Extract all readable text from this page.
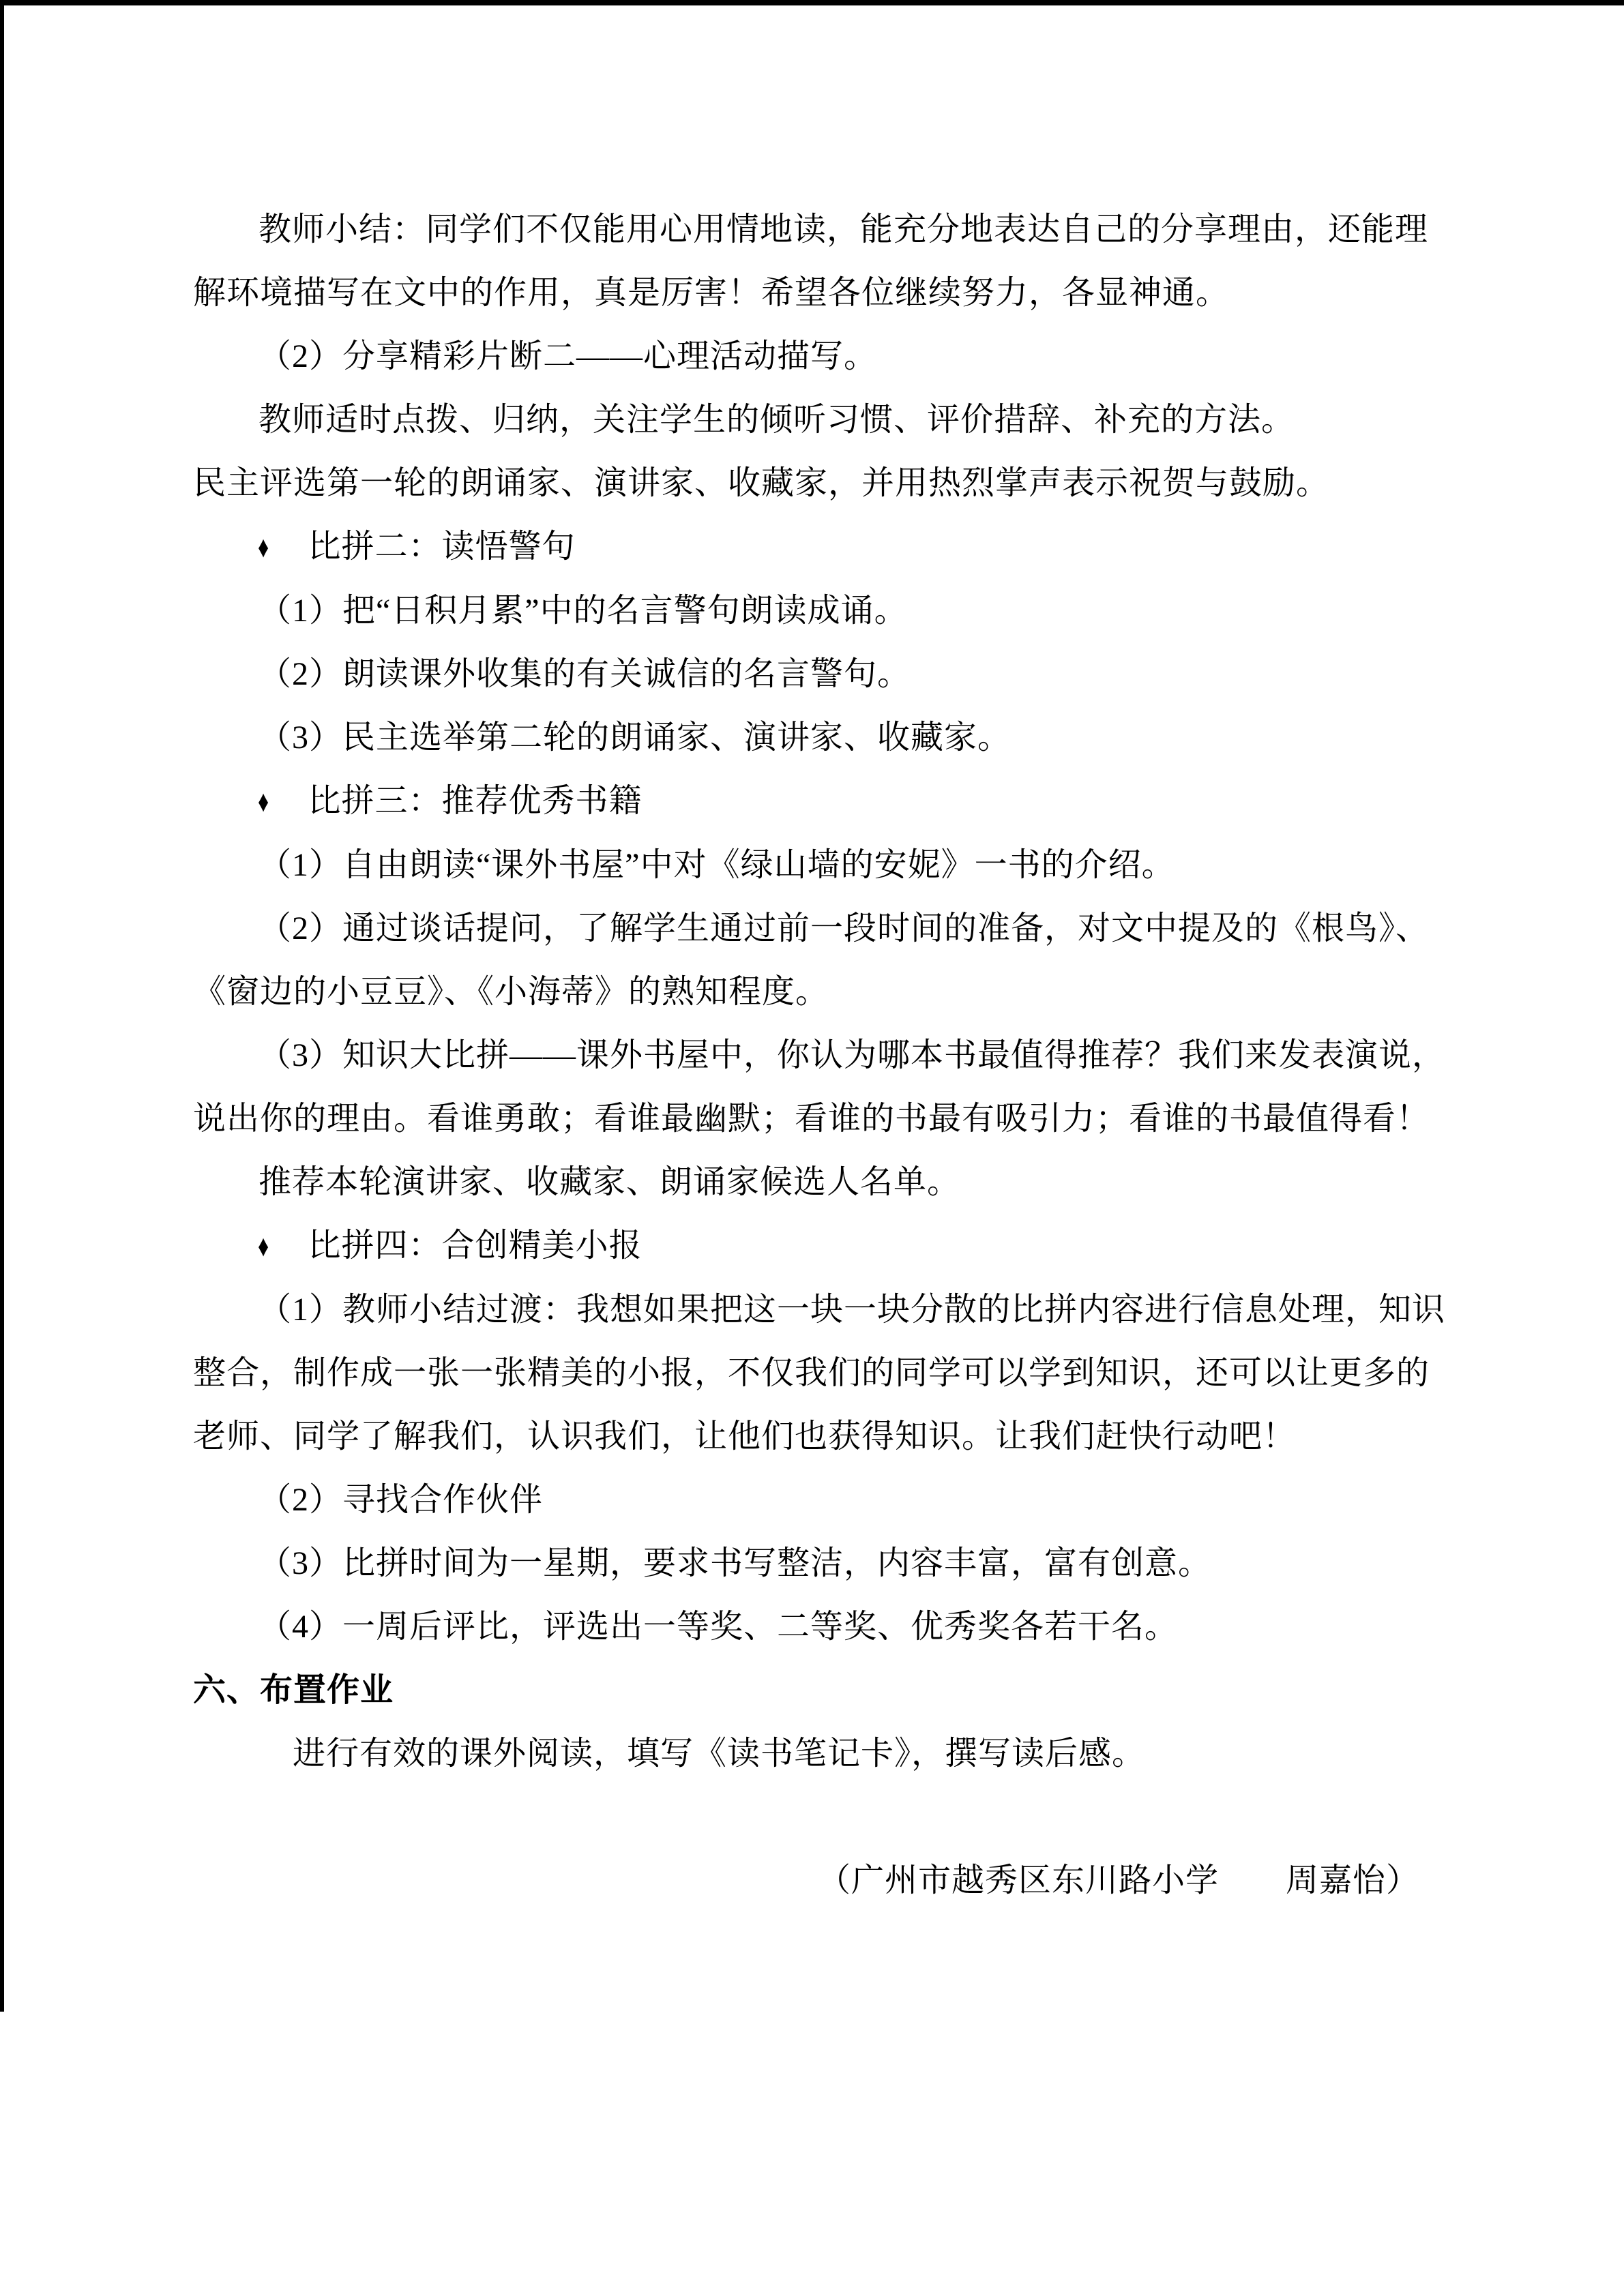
教师小结：同学们不仅能用心用情地读，能充分地表达自己的分享理由，还能理
解环境描写在文中的作用，真是厉害！希望各位继续努力，各显神通。
（2）分享精彩片断二——心理活动描写。
教师适时点拨、归纳，关注学生的倾听习惯、评价措辞、补充的方法。
民主评选第一轮的朗诵家、演讲家、收藏家，并用热烈掌声表示祝贺与鼓励。
♦ 比拼二：读悟警句
（1）把“日积月累”中的名言警句朗读成诵。
（2）朗读课外收集的有关诚信的名言警句。
（3）民主选举第二轮的朗诵家、演讲家、收藏家。
♦ 比拼三：推荐优秀书籍
（1）自由朗读“课外书屋”中对《绿山墙的安妮》一书的介绍。
（2）通过谈话提问，了解学生通过前一段时间的准备，对文中提及的《根鸟》、
《窗边的小豆豆》、《小海蒂》的熟知程度。
（3）知识大比拼——课外书屋中，你认为哪本书最值得推荐？我们来发表演说，
说出你的理由。看谁勇敢；看谁最幽默；看谁的书最有吸引力；看谁的书最值得看！
推荐本轮演讲家、收藏家、朗诵家候选人名单。
♦ 比拼四：合创精美小报
（1）教师小结过渡：我想如果把这一块一块分散的比拼内容进行信息处理，知识
整合，制作成一张一张精美的小报，不仅我们的同学可以学到知识，还可以让更多的
老师、同学了解我们，认识我们，让他们也获得知识。让我们赶快行动吧！
（2）寻找合作伙伴
（3）比拼时间为一星期，要求书写整洁，内容丰富，富有创意。
（4）一周后评比，评选出一等奖、二等奖、优秀奖各若干名。
六、布置作业
进行有效的课外阅读，填写《读书笔记卡》，撰写读后感。
（广州市越秀区东川路小学　　周嘉怡）
